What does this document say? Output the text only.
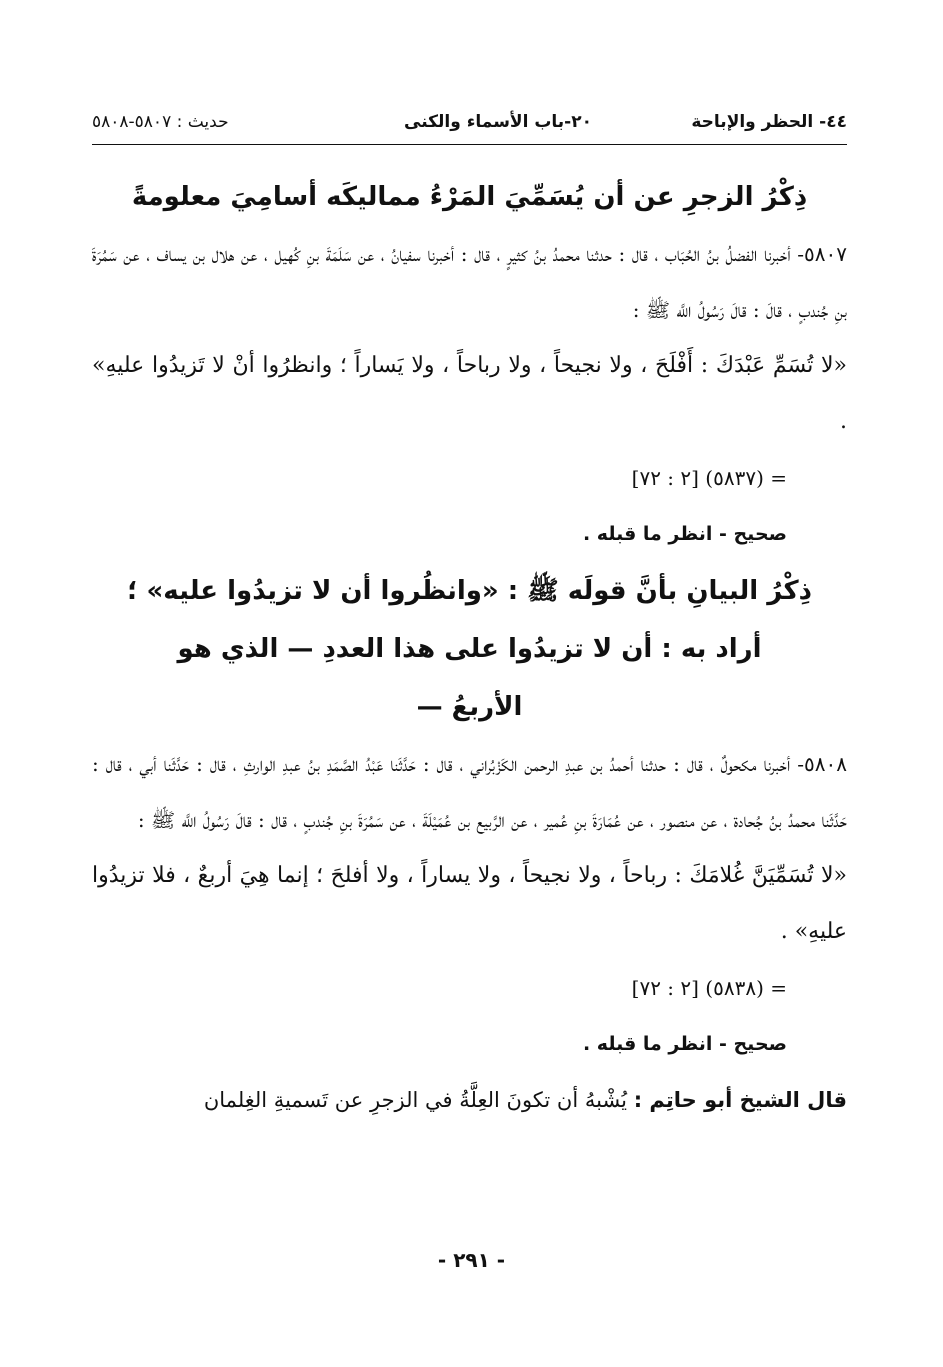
٤٤- الحظر والإباحة
٢٠-باب الأسماء والكنى
حديث : ٥٨٠٧-٥٨٠٨

ذِكْرُ الزجرِ عن أن يُسَمِّيَ المَرْءُ مماليكَه أسامِيَ معلومةً

٥٨٠٧- أخبرنا الفضلُ بنُ الحُبَاب ، قال : حدثنا محمدُ بنُ كثيرٍ ، قال : أخبرنا سفيانُ ، عن سَلَمَةَ بنِ كُهيل ، عن هلال بن يساف ، عن سَمُرَةَ بنِ جُندبٍ ، قالَ : قالَ رَسُولُ اللَّه ﷺ :

«لا تُسَمِّ عَبْدَكَ : أَفْلَحَ ، ولا نجيحاً ، ولا رباحاً ، ولا يَساراً ؛ وانظرُوا أنْ لا تَزيدُوا عليهِ» .

= (٥٨٣٧) [٢ : ٧٢]

صحيح - انظر ما قبله .

ذِكْرُ البيانِ بأنَّ قولَه ﷺ : «وانظُروا أن لا تزيدُوا عليه» ؛

أراد به : أن لا تزيدُوا على هذا العددِ — الذي هو

الأربعُ —

٥٨٠٨- أخبرنا مكحولٌ ، قال : حدثنا أحمدُ بن عبدِ الرحمن الكَزْبُراني ، قال : حَدَّثَنا عَبْدُ الصَّمَدِ بنُ عبدِ الوارثِ ، قال : حَدَّثَنا أبي ، قال : حَدَّثَنا محمدُ بنُ جُحادة ، عن منصور ، عن عُمَارَةَ بنِ عُمير ، عن الرَّبيع بن عُمَيْلَةَ ، عن سَمُرَةَ بنِ جُندبٍ ، قال : قالَ رَسُولُ اللَّه ﷺ :

«لا تُسَمِّيَنَّ غُلامَكَ : رباحاً ، ولا نجيحاً ، ولا يساراً ، ولا أفلحَ ؛ إنما هِيَ أربعٌ ، فلا تزيدُوا عليهِ» .

= (٥٨٣٨) [٢ : ٧٢]

صحيح - انظر ما قبله .

قال الشيخ أبو حاتِم : يُشْبهُ أن تكونَ العِلَّةُ في الزجرِ عن تَسميةِ الغِلمان

- ٢٩١ -
